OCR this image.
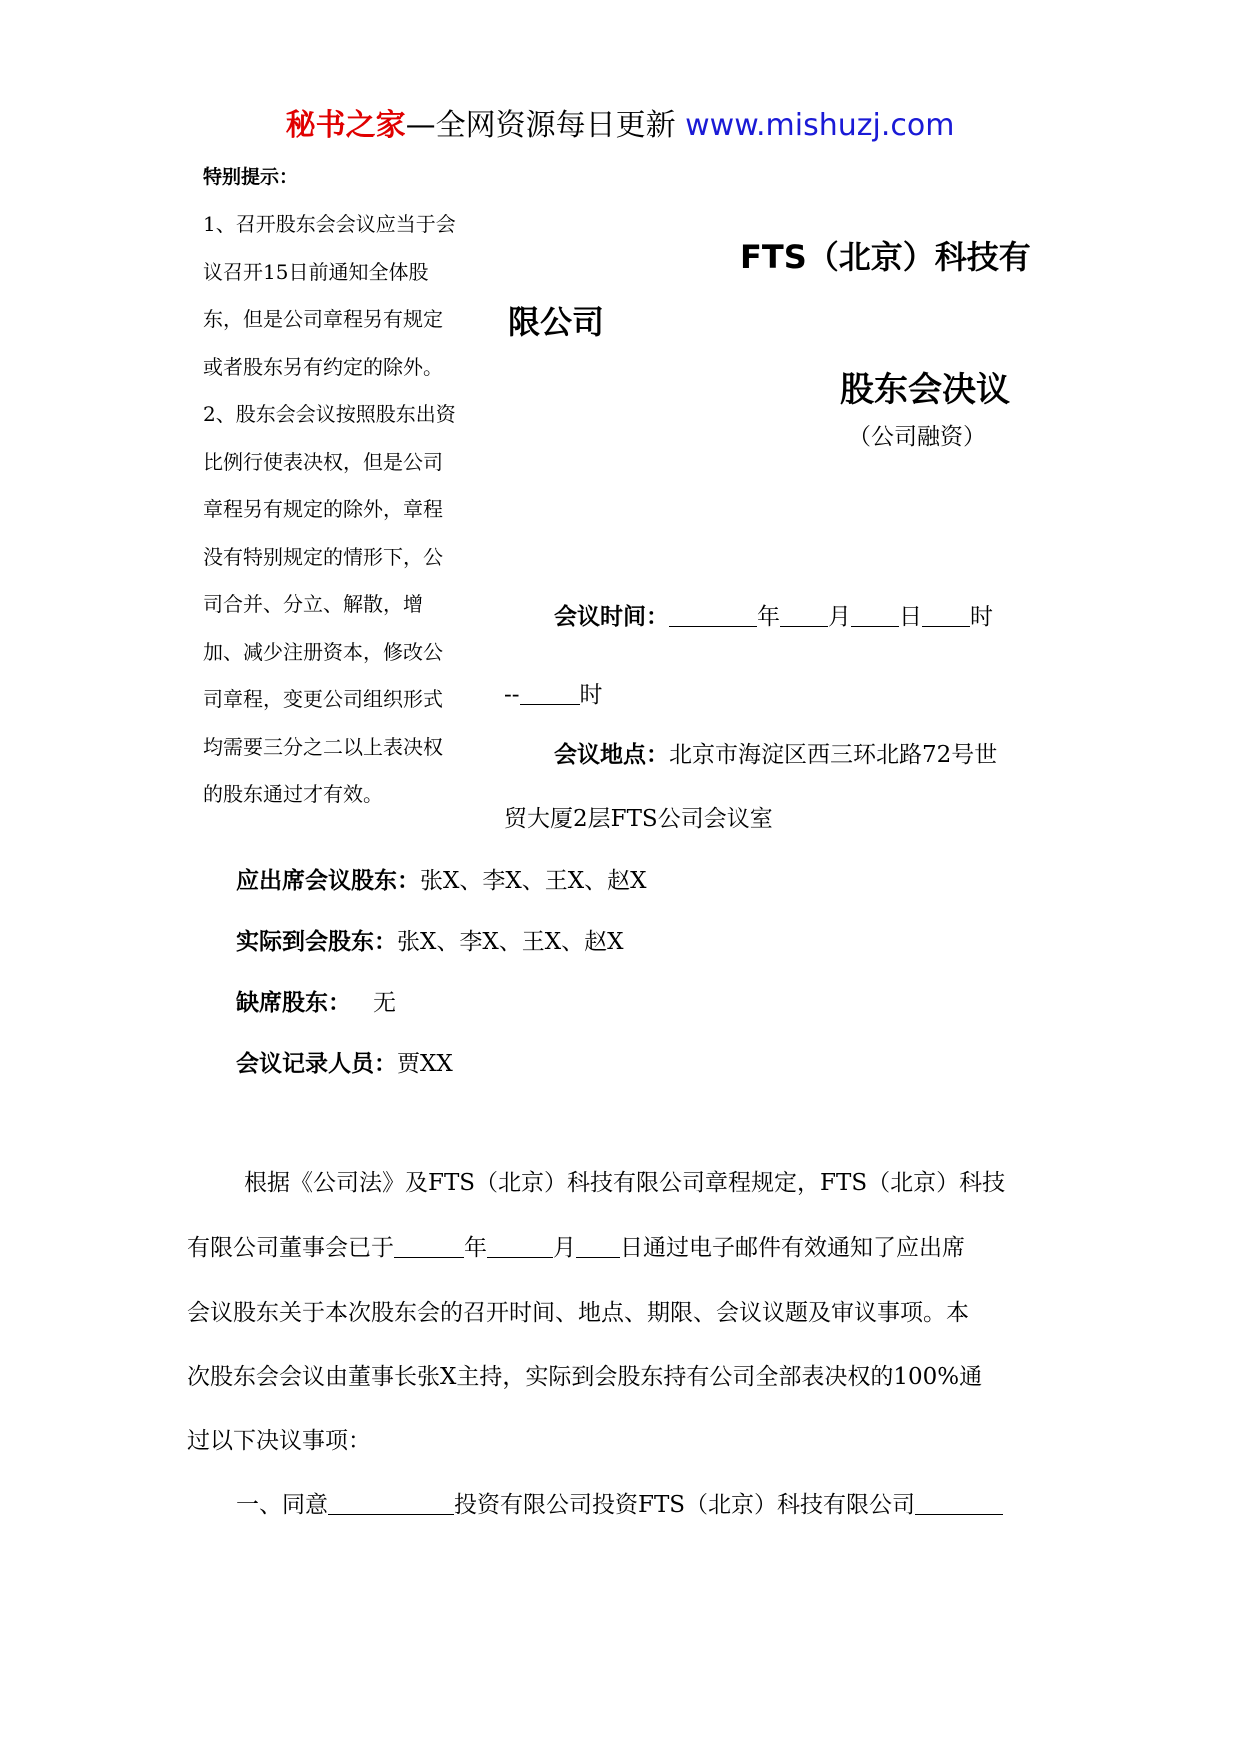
秘书之家—全网资源每日更新 www.mishuzj.com
特别提示：
1、召开股东会会议应当于会
议召开15日前通知全体股
东，但是公司章程另有规定
或者股东另有约定的除外。
2、股东会会议按照股东出资
比例行使表决权，但是公司
章程另有规定的除外，章程
没有特别规定的情形下，公
司合并、分立、解散，增
加、减少注册资本，修改公
司章程，变更公司组织形式
均需要三分之二以上表决权
的股东通过才有效。
FTS（北京）科技有
限公司
股东会决议
（公司融资）
会议时间：	年 月 日 时
--	时
会议地点：北京市海淀区西三环北路72号世
贸大厦2层FTS公司会议室
应出席会议股东：张X、李X、王X、赵X
实际到会股东：张X、李X、王X、赵X
缺席股东： 无
会议记录人员：贾XX
根据《公司法》及FTS（北京）科技有限公司章程规定，FTS（北京）科技
有限公司董事会已于	年	月 日通过电子邮件有效通知了应出席
会议股东关于本次股东会的召开时间、地点、期限、会议议题及审议事项。本
次股东会会议由董事长张X主持，实际到会股东持有公司全部表决权的100%通
过以下决议事项：
一、同意	投资有限公司投资FTS（北京）科技有限公司
